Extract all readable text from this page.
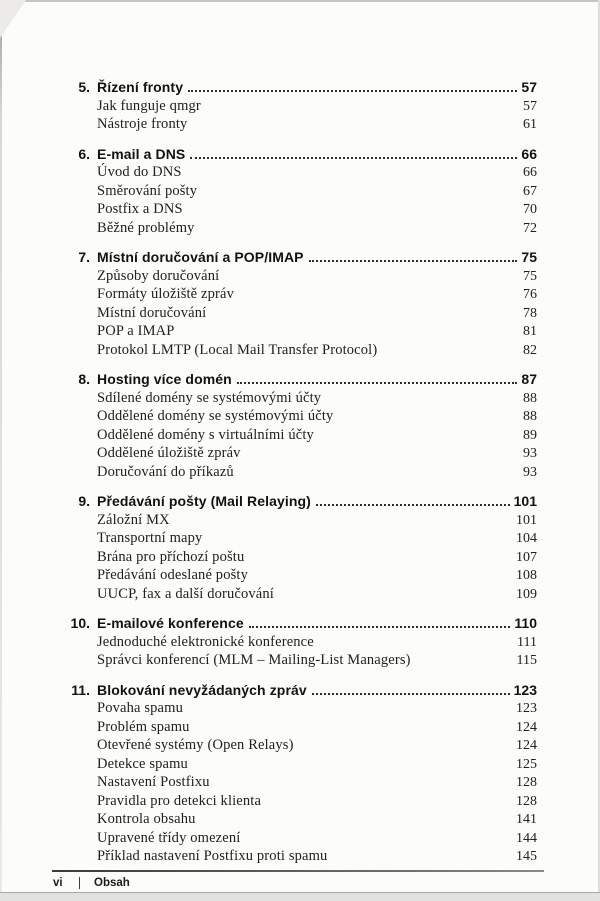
5. Řízení fronty	57
Jak funguje qmgr	57
Nástroje fronty	61
6. E-mail a DNS	66
Úvod do DNS	66
Směrování pošty	67
Postfix a DNS	70
Běžné problémy	72
7. Místní doručování a POP/IMAP	75
Způsoby doručování	75
Formáty úložiště zpráv	76
Místní doručování	78
POP a IMAP	81
Protokol LMTP (Local Mail Transfer Protocol)	82
8. Hosting více domén	87
Sdílené domény se systémovými účty	88
Oddělené domény se systémovými účty	88
Oddělené domény s virtuálními účty	89
Oddělené úložiště zpráv	93
Doručování do příkazů	93
9. Předávání pošty (Mail Relaying)	101
Záložní MX	101
Transportní mapy	104
Brána pro příchozí poštu	107
Předávání odeslané pošty	108
UUCP, fax a další doručování	109
10. E-mailové konference	110
Jednoduché elektronické konference	111
Správci konferencí (MLM – Mailing-List Managers)	115
11. Blokování nevyžádaných zpráv	123
Povaha spamu	123
Problém spamu	124
Otevřené systémy (Open Relays)	124
Detekce spamu	125
Nastavení Postfixu	128
Pravidla pro detekci klienta	128
Kontrola obsahu	141
Upravené třídy omezení	144
Příklad nastavení Postfixu proti spamu	145
vi	Obsah
